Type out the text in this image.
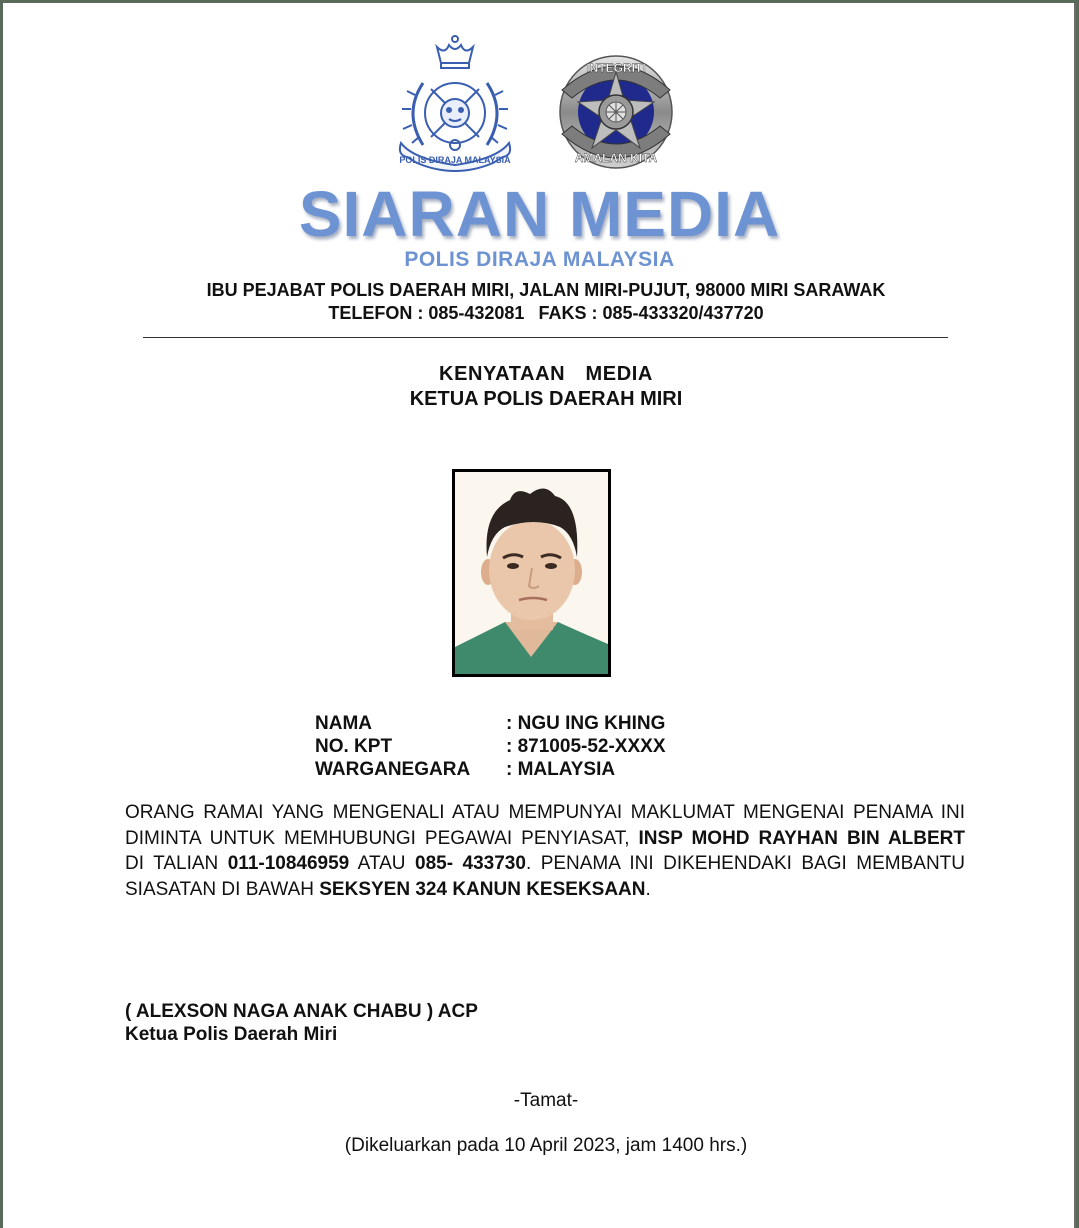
POLIS DIRAJA MALAYSIA
INTEGRITI
AMALAN KITA
SIARAN MEDIA
POLIS DIRAJA MALAYSIA
IBU PEJABAT POLIS DAERAH MIRI, JALAN MIRI-PUJUT, 98000 MIRI SARAWAK
TELEFON : 085-432081 FAKS : 085-433320/437720
KENYATAAN  MEDIA
KETUA POLIS DAERAH MIRI
NAMA	: NGU ING KHING
NO. KPT	: 871005-52-XXXX
WARGANEGARA	: MALAYSIA
ORANG RAMAI YANG MENGENALI ATAU MEMPUNYAI MAKLUMAT MENGENAI PENAMA INI
DIMINTA UNTUK MEMHUBUNGI PEGAWAI PENYIASAT, INSP MOHD RAYHAN BIN ALBERT
DI TALIAN 011-10846959 ATAU 085- 433730. PENAMA INI DIKEHENDAKI BAGI MEMBANTU
SIASATAN DI BAWAH SEKSYEN 324 KANUN KESEKSAAN.
( ALEXSON NAGA ANAK CHABU ) ACP
Ketua Polis Daerah Miri
-Tamat-
(Dikeluarkan pada 10 April 2023, jam 1400 hrs.)
